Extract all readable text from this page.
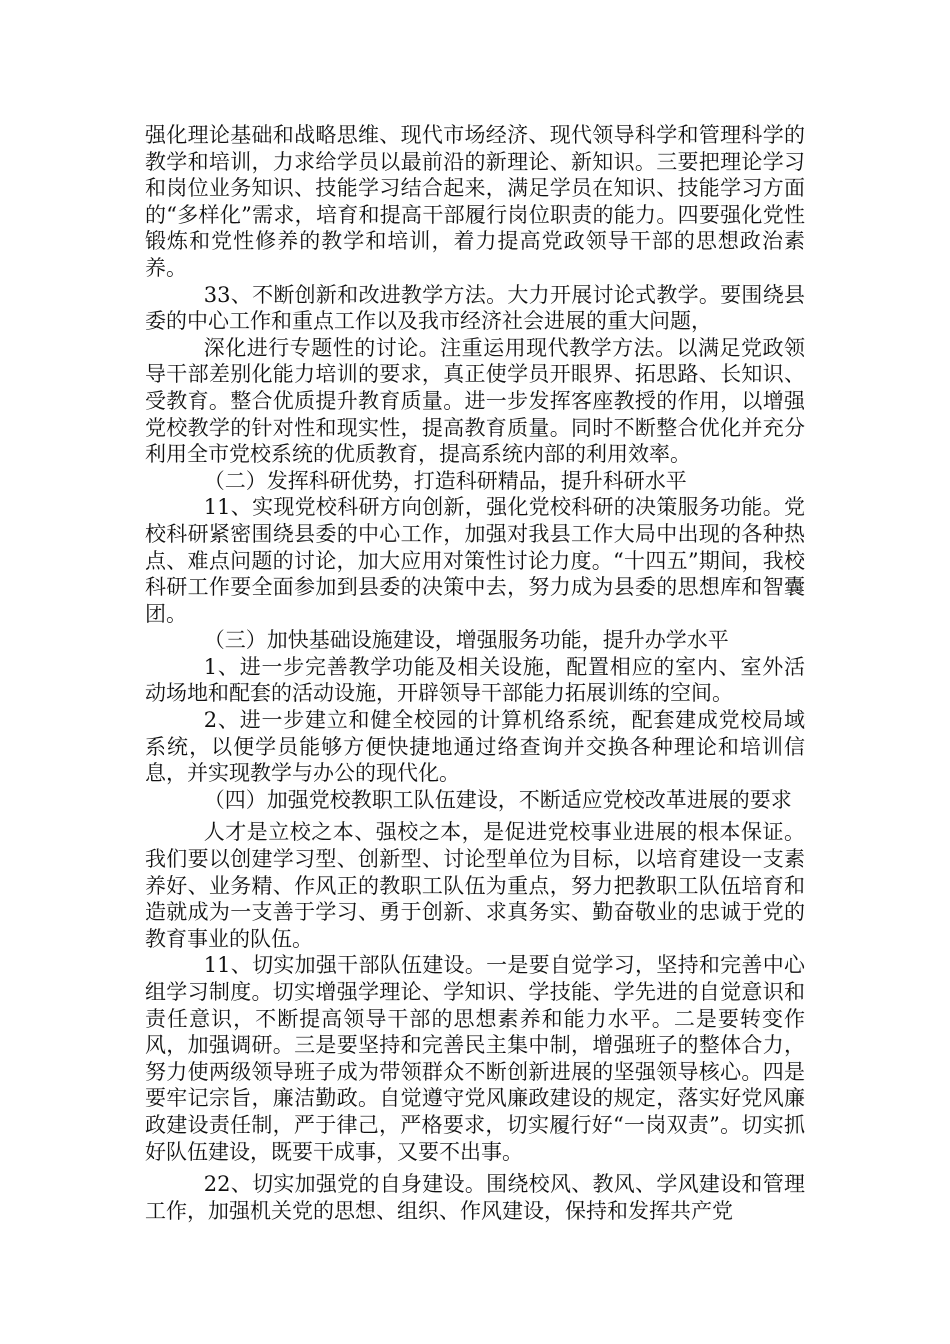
强化理论基础和战略思维、现代市场经济、现代领导科学和管理科学的教学和培训，力求给学员以最前沿的新理论、新知识。三要把理论学习和岗位业务知识、技能学习结合起来，满足学员在知识、技能学习方面的“多样化”需求，培育和提高干部履行岗位职责的能力。四要强化党性锻炼和党性修养的教学和培训，着力提高党政领导干部的思想政治素养。

33、不断创新和改进教学方法。大力开展讨论式教学。要围绕县委的中心工作和重点工作以及我市经济社会进展的重大问题，

深化进行专题性的讨论。注重运用现代教学方法。以满足党政领导干部差别化能力培训的要求，真正使学员开眼界、拓思路、长知识、受教育。整合优质提升教育质量。进一步发挥客座教授的作用，以增强党校教学的针对性和现实性，提高教育质量。同时不断整合优化并充分利用全市党校系统的优质教育，提高系统内部的利用效率。

（二）发挥科研优势，打造科研精品，提升科研水平

11、实现党校科研方向创新，强化党校科研的决策服务功能。党校科研紧密围绕县委的中心工作，加强对我县工作大局中出现的各种热点、难点问题的讨论，加大应用对策性讨论力度。“十四五”期间，我校科研工作要全面参加到县委的决策中去，努力成为县委的思想库和智囊团。

（三）加快基础设施建设，增强服务功能，提升办学水平

1、进一步完善教学功能及相关设施，配置相应的室内、室外活动场地和配套的活动设施，开辟领导干部能力拓展训练的空间。

2、进一步建立和健全校园的计算机络系统，配套建成党校局域系统，以便学员能够方便快捷地通过络查询并交换各种理论和培训信息，并实现教学与办公的现代化。

（四）加强党校教职工队伍建设，不断适应党校改革进展的要求

人才是立校之本、强校之本，是促进党校事业进展的根本保证。我们要以创建学习型、创新型、讨论型单位为目标，以培育建设一支素养好、业务精、作风正的教职工队伍为重点，努力把教职工队伍培育和造就成为一支善于学习、勇于创新、求真务实、勤奋敬业的忠诚于党的教育事业的队伍。

11、切实加强干部队伍建设。一是要自觉学习，坚持和完善中心组学习制度。切实增强学理论、学知识、学技能、学先进的自觉意识和责任意识，不断提高领导干部的思想素养和能力水平。二是要转变作风，加强调研。三是要坚持和完善民主集中制，增强班子的整体合力，努力使两级领导班子成为带领群众不断创新进展的坚强领导核心。四是要牢记宗旨，廉洁勤政。自觉遵守党风廉政建设的规定，落实好党风廉政建设责任制，严于律己，严格要求，切实履行好“一岗双责”。切实抓好队伍建设，既要干成事，又要不出事。

22、切实加强党的自身建设。围绕校风、教风、学风建设和管理工作，加强机关党的思想、组织、作风建设，保持和发挥共产党
